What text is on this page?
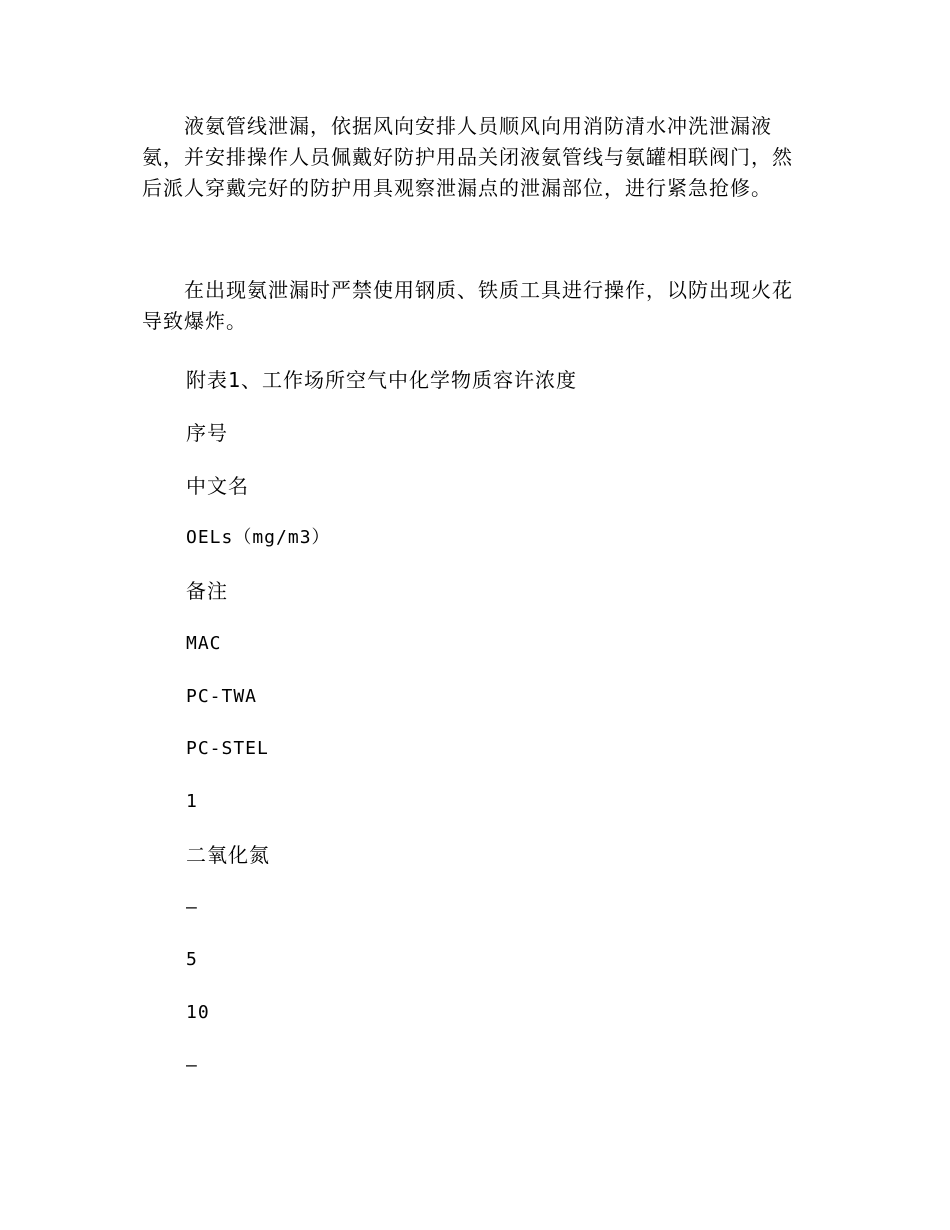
液氨管线泄漏，依据风向安排人员顺风向用消防清水冲洗泄漏液氨，并安排操作人员佩戴好防护用品关闭液氨管线与氨罐相联阀门，然后派人穿戴完好的防护用具观察泄漏点的泄漏部位，进行紧急抢修。

在出现氨泄漏时严禁使用钢质、铁质工具进行操作，以防出现火花导致爆炸。

附表1、工作场所空气中化学物质容许浓度
序号
中文名
OELs（mg/m3）
备注
MAC
PC-TWA
PC-STEL
1
二氧化氮
–
5
10
–
